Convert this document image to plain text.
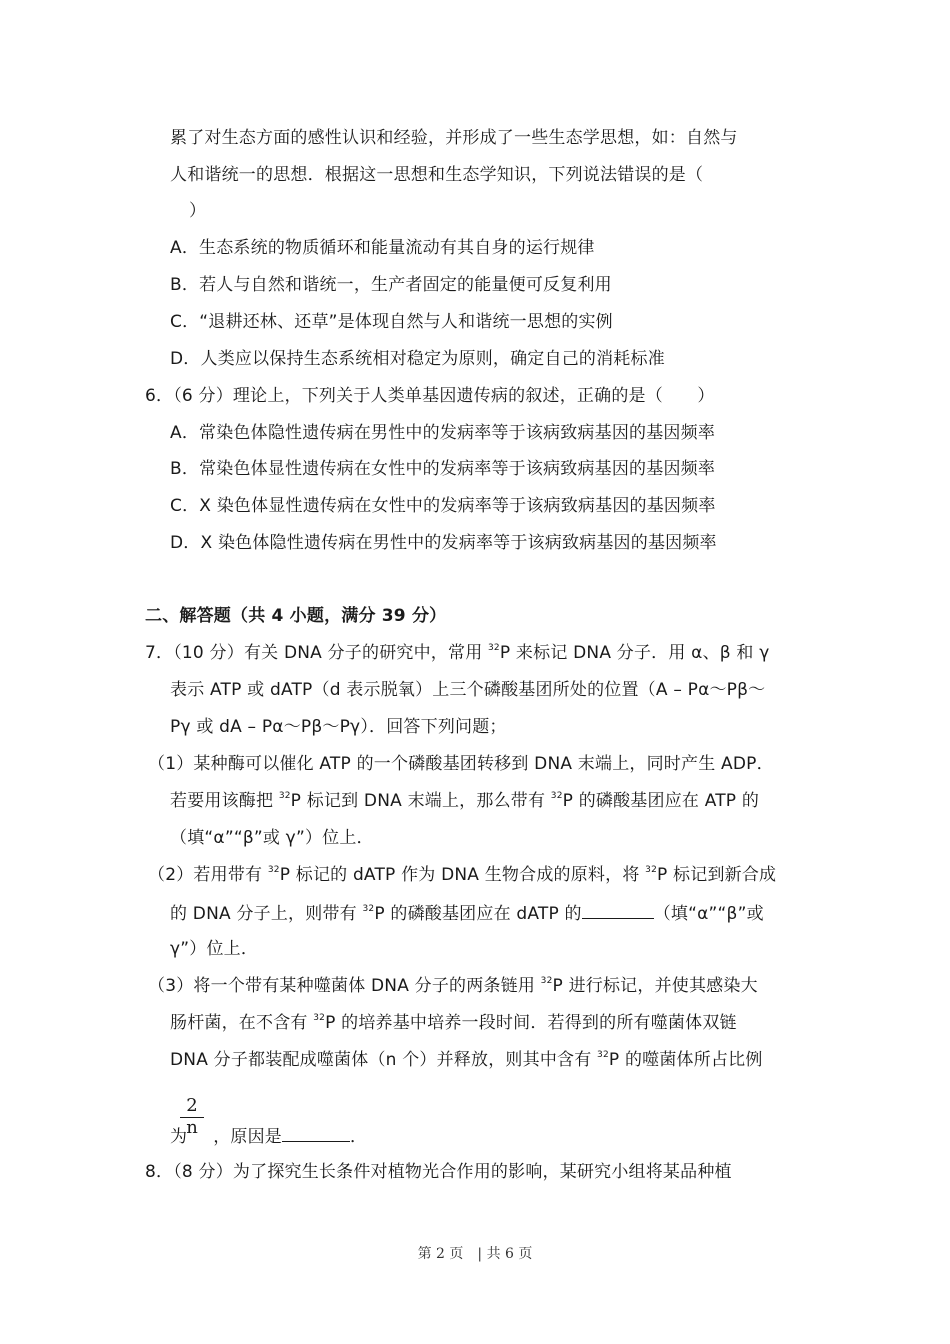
累了对生态方面的感性认识和经验，并形成了一些生态学思想，如：自然与
人和谐统一的思想．根据这一思想和生态学知识，下列说法错误的是（
）
A．生态系统的物质循环和能量流动有其自身的运行规律
B．若人与自然和谐统一，生产者固定的能量便可反复利用
C．“退耕还林、还草”是体现自然与人和谐统一思想的实例
D．人类应以保持生态系统相对稳定为原则，确定自己的消耗标准
6．（6 分）理论上，下列关于人类单基因遗传病的叙述，正确的是（　　）
A．常染色体隐性遗传病在男性中的发病率等于该病致病基因的基因频率
B．常染色体显性遗传病在女性中的发病率等于该病致病基因的基因频率
C．X 染色体显性遗传病在女性中的发病率等于该病致病基因的基因频率
D．X 染色体隐性遗传病在男性中的发病率等于该病致病基因的基因频率
二、解答题（共 4 小题，满分 39 分）
7．（10 分）有关 DNA 分子的研究中，常用 $^{32}$P 来标记 DNA 分子．用 α、β 和 γ
表示 ATP 或 dATP（d 表示脱氧）上三个磷酸基团所处的位置（A – Pα～Pβ～
Pγ 或 dA – Pα～Pβ～Pγ）．回答下列问题；
（1）某种酶可以催化 ATP 的一个磷酸基团转移到 DNA 末端上，同时产生 ADP．
若要用该酶把 $^{32}$P 标记到 DNA 末端上，那么带有 $^{32}$P 的磷酸基团应在 ATP 的
（填“α”“β”或 γ”）位上．
（2）若用带有 $^{32}$P 标记的 dATP 作为 DNA 生物合成的原料，将 $^{32}$P 标记到新合成
的 DNA 分子上，则带有 $^{32}$P 的磷酸基团应在 dATP 的	（填“α”“β”或
γ”）位上．
（3）将一个带有某种噬菌体 DNA 分子的两条链用 $^{32}$P 进行标记，并使其感染大
肠杆菌，在不含有 $^{32}$P 的培养基中培养一段时间．若得到的所有噬菌体双链
DNA 分子都装配成噬菌体（n 个）并释放，则其中含有 $^{32}$P 的噬菌体所占比例
$\frac{2}{n}$
为 ，原因是	．
8．（8 分）为了探究生长条件对植物光合作用的影响，某研究小组将某品种植
第 2 页　| 共 6 页
